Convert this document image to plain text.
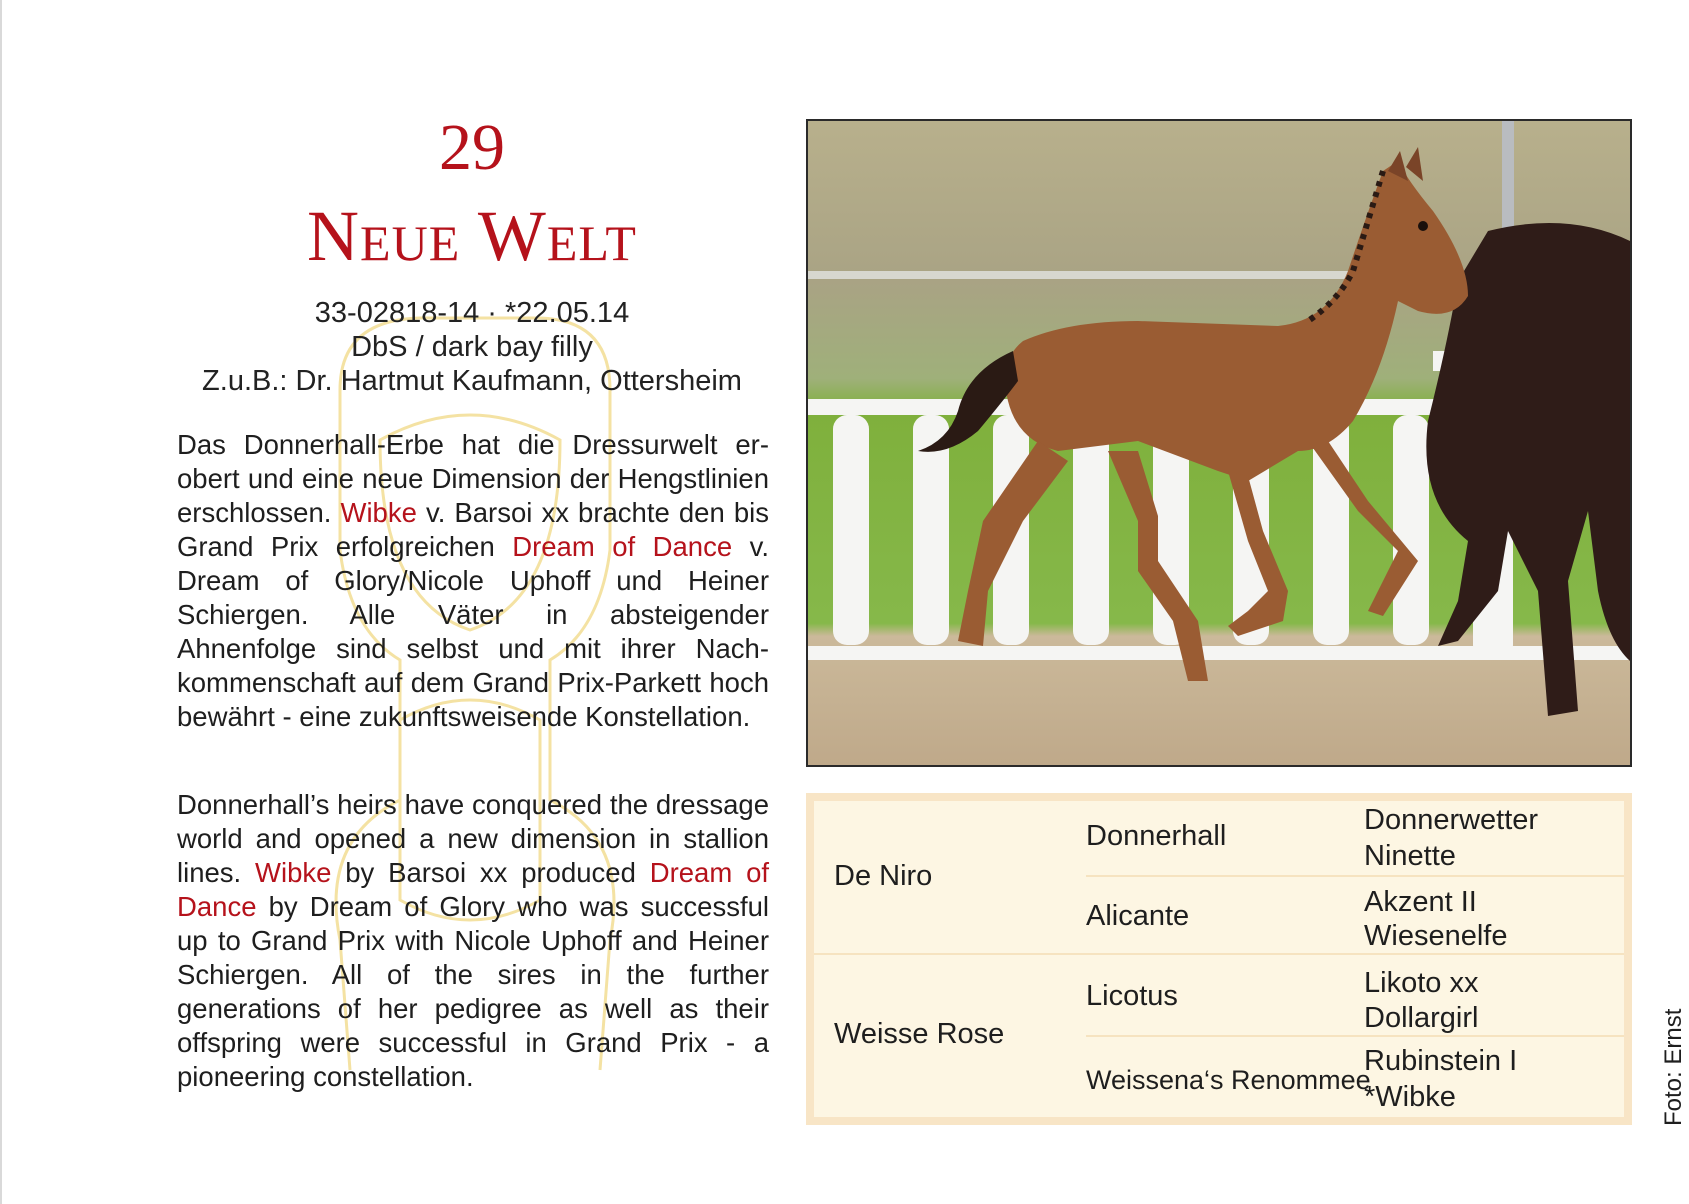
29
Neue Welt
33-02818-14 · *22.05.14
DbS / dark bay filly
Z.u.B.: Dr. Hartmut Kaufmann, Ottersheim
Das Donnerhall-Erbe hat die Dressurwelt erobert und eine neue Dimension der Hengstlinien erschlossen. Wibke v. Barsoi xx brachte den bis Grand Prix erfolgreichen Dream of Dance v. Dream of Glory/Nicole Uphoff und Heiner Schiergen. Alle Väter in absteigender Ahnenfolge sind selbst und mit ihrer Nachkommenschaft auf dem Grand Prix-Parkett hoch bewährt - eine zukunftsweisende Konstellation.
Donnerhall’s heirs have conquered the dressage world and opened a new dimension in stallion lines. Wibke by Barsoi xx produced Dream of Dance by Dream of Glory who was successful up to Grand Prix with Nicole Uphoff and Heiner Schiergen. All of the sires in the further generations of her pedigree as well as their offspring were successful in Grand Prix - a pioneering constellation.
De Niro
Weisse Rose
Donnerhall
Alicante
Licotus
Weissena‘s Renommee
Donnerwetter
Ninette
Akzent II
Wiesenelfe
Likoto xx
Dollargirl
Rubinstein I
*Wibke	Foto: Ernst
